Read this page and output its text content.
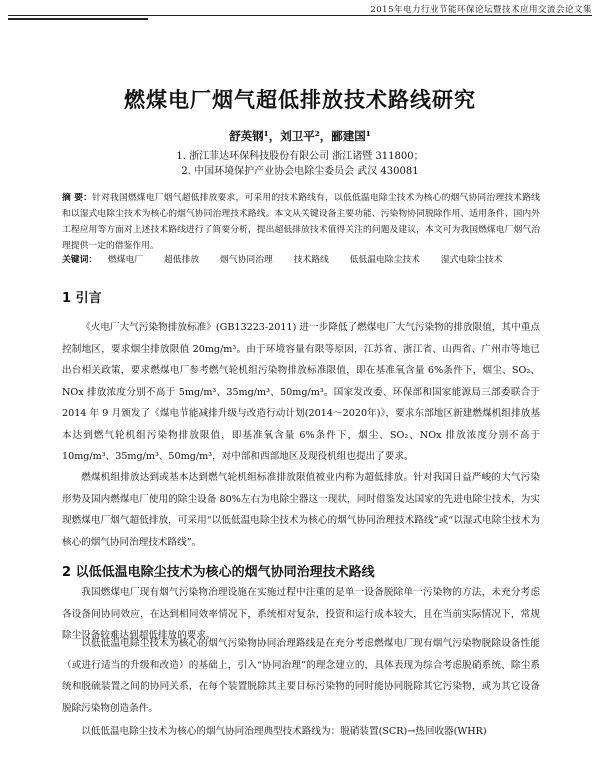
2015年电力行业节能环保论坛暨技术应用交流会论文集
燃煤电厂烟气超低排放技术路线研究
舒英钢¹，刘卫平²，郦建国¹
1. 浙江菲达环保科技股份有限公司 浙江诸暨 311800；
2. 中国环境保护产业协会电除尘委员会 武汉 430081
摘 要：针对我国燃煤电厂烟气超低排放要求，可采用的技术路线有，以低低温电除尘技术为核心的烟气协同治理技术路线和以湿式电除尘技术为核心的烟气协同治理技术路线。本文从关键设备主要功能、污染物协同脱除作用、适用条件、国内外工程应用等方面对上述技术路线进行了简要分析，提出超低排放技术值得关注的问题及建议，本文可为我国燃煤电厂烟气治理提供一定的借鉴作用。
关键词： 燃煤电厂 超低排放 烟气协同治理 技术路线 低低温电除尘技术 湿式电除尘技术
1 引言
《火电厂大气污染物排放标准》(GB13223-2011) 进一步降低了燃煤电厂大气污染物的排放限值，其中重点控制地区，要求烟尘排放限值 20mg/m³。由于环境容量有限等原因，江苏省、浙江省、山西省、广州市等地已出台相关政策，要求燃煤电厂参考燃气轮机组污染物排放标准限值，即在基准氧含量 6%条件下，烟尘、SO₂、NOx 排放浓度分别不高于 5mg/m³、35mg/m³、50mg/m³。国家发改委、环保部和国家能源局三部委联合于 2014 年 9 月颁发了《煤电节能减排升级与改造行动计划(2014～2020年)》，要求东部地区新建燃煤机组排放基本达到燃气轮机组污染物排放限值，即基准氧含量 6%条件下，烟尘、SO₂、NOx 排放浓度分别不高于 10mg/m³、35mg/m³、50mg/m³，对中部和西部地区及现役机组也提出了要求。
燃煤机组排放达到或基本达到燃气轮机组标准排放限值被业内称为超低排放。针对我国日益严峻的大气污染形势及国内燃煤电厂使用的除尘设备 80%左右为电除尘器这一现状，同时借鉴发达国家的先进电除尘技术，为实现燃煤电厂烟气超低排放，可采用“以低低温电除尘技术为核心的烟气协同治理技术路线”或“以湿式电除尘技术为核心的烟气协同治理技术路线”。
2 以低低温电除尘技术为核心的烟气协同治理技术路线
我国燃煤电厂现有烟气污染物治理设施在实施过程中注重的是单一设备脱除单一污染物的方法，未充分考虑各设备间协同效应，在达到相同效率情况下，系统相对复杂，投资和运行成本较大，且在当前实际情况下，常规除尘设备较难达到超低排放的要求。
以低低温电除尘技术为核心的烟气污染物协同治理路线是在充分考虑燃煤电厂现有烟气污染物脱除设备性能（或进行适当的升级和改造）的基础上，引入“协同治理”的理念建立的，具体表现为综合考虑脱硝系统、除尘系统和脱硫装置之间的协同关系，在每个装置脱除其主要目标污染物的同时能协同脱除其它污染物，或为其它设备脱除污染物创造条件。
以低低温电除尘技术为核心的烟气协同治理典型技术路线为：脱硝装置(SCR)→热回收器(WHR)
